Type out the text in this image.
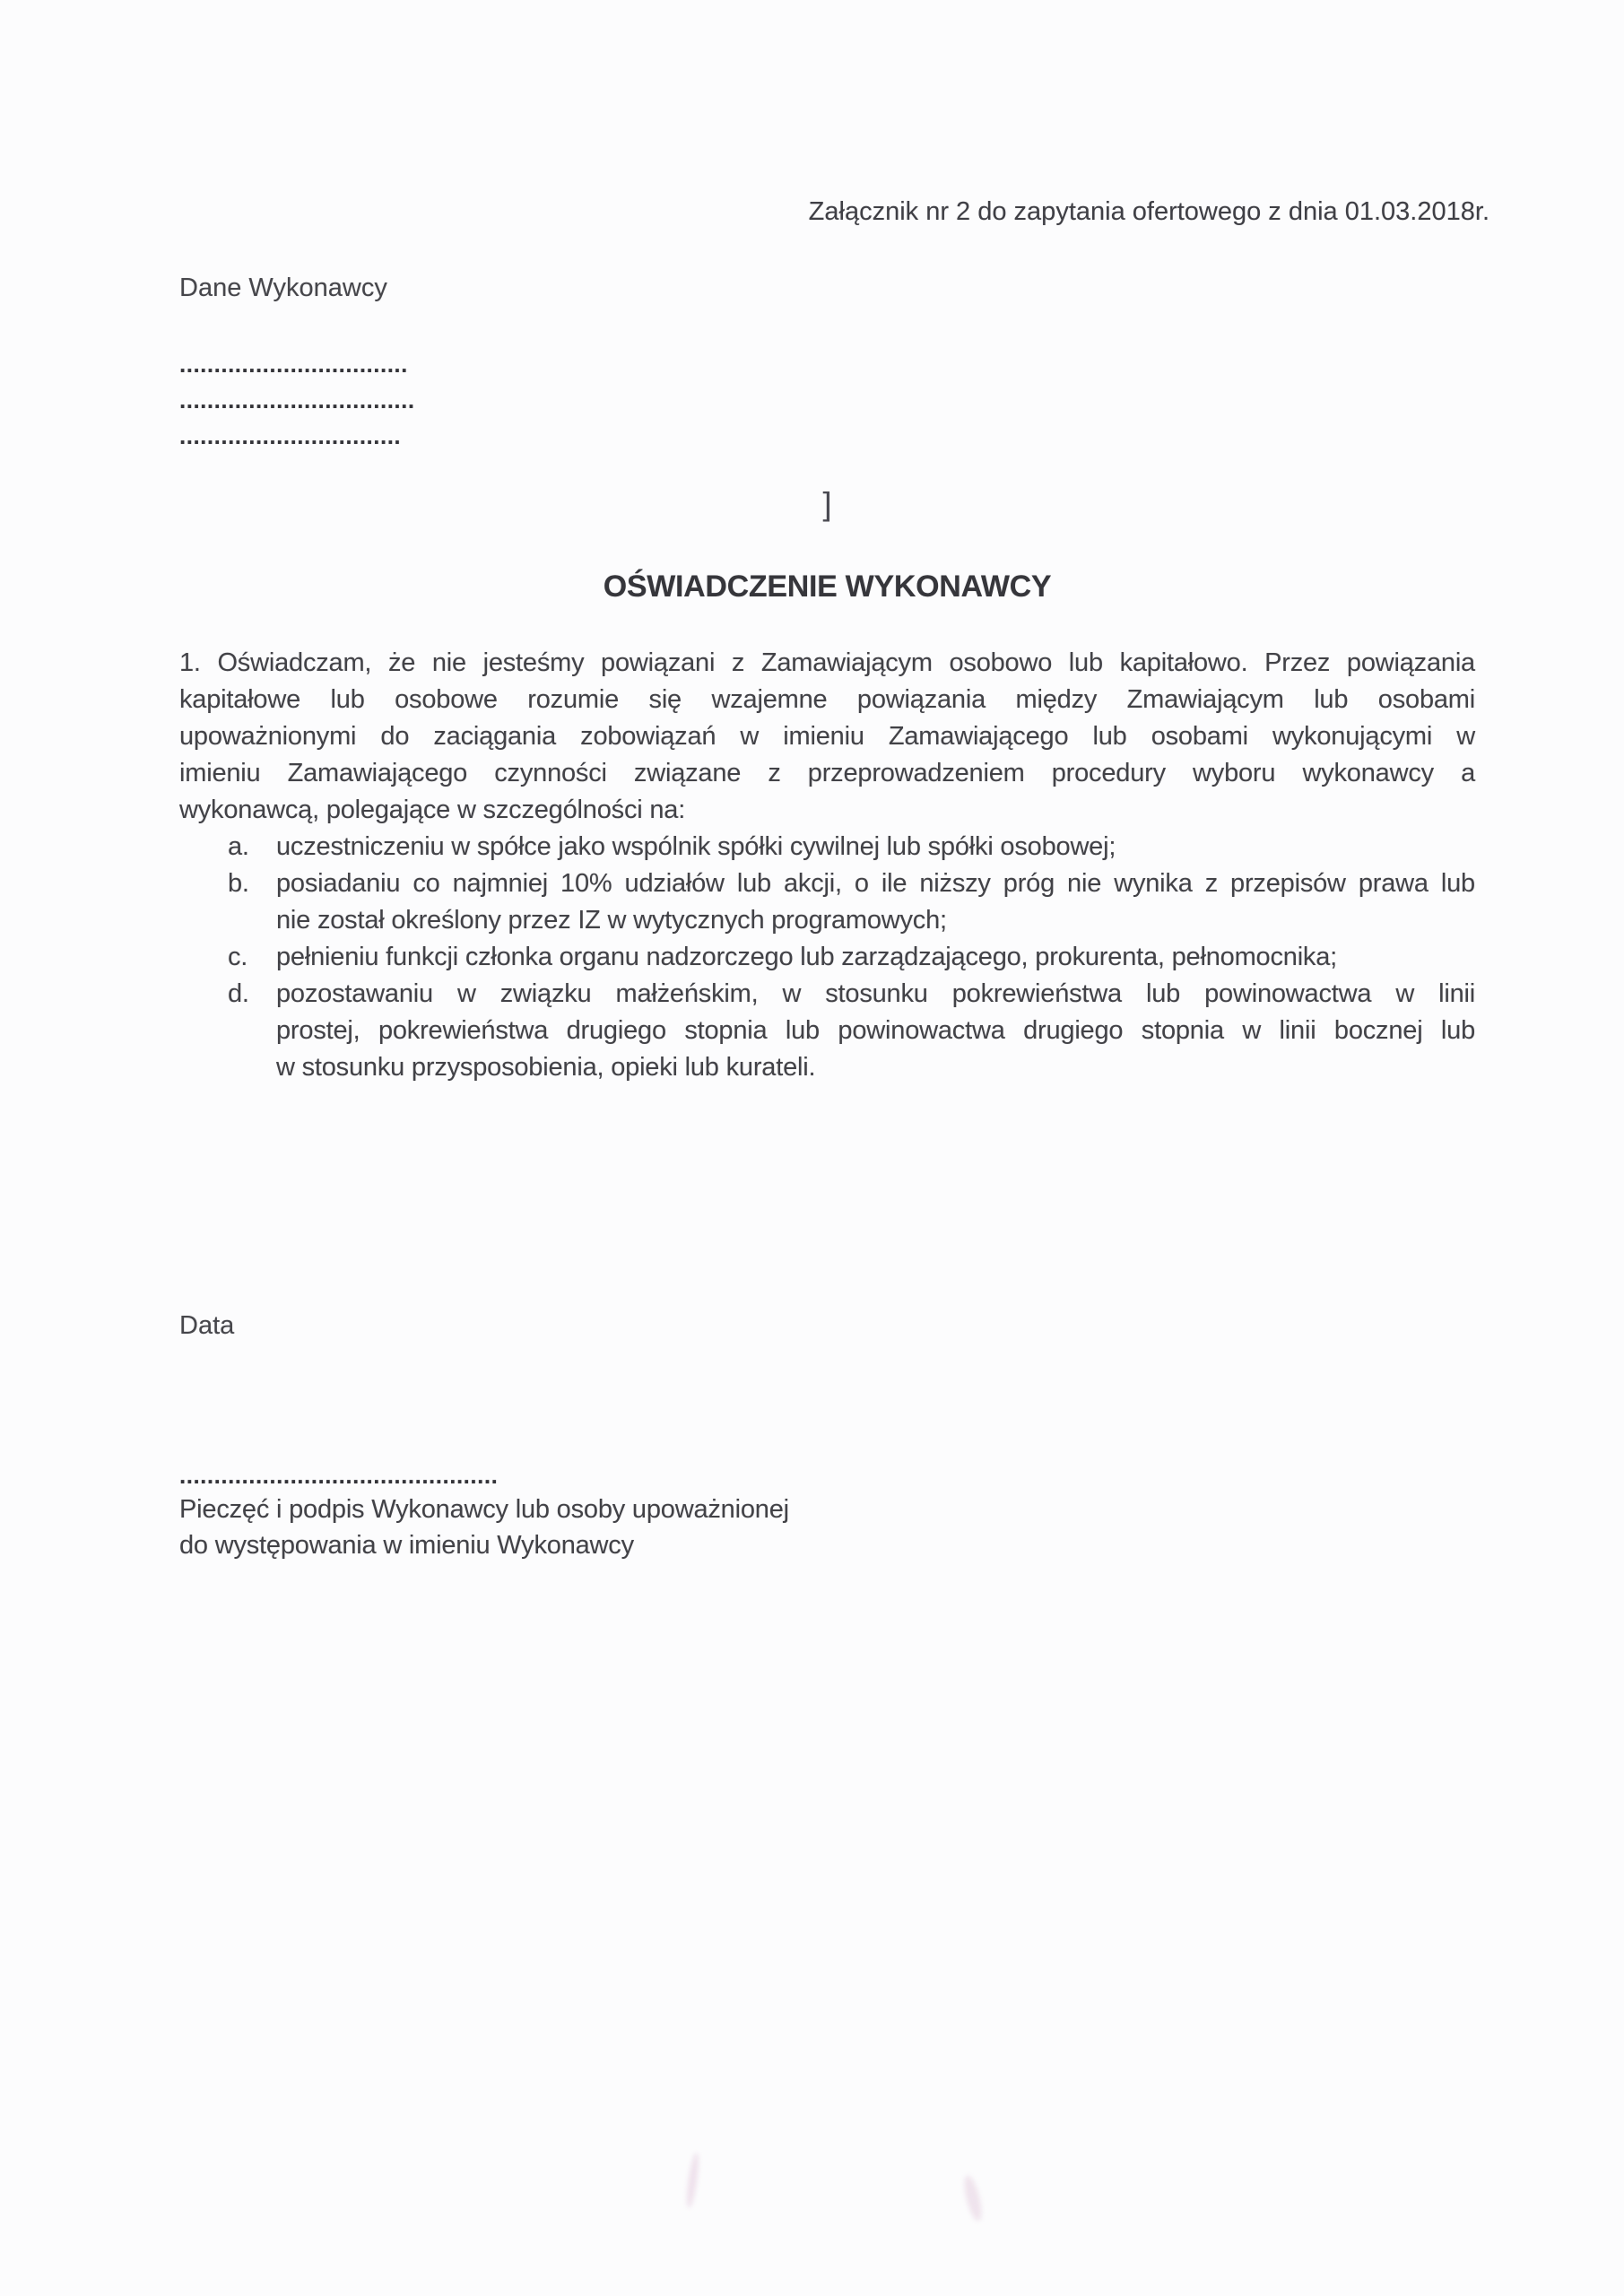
Załącznik nr 2 do zapytania ofertowego z dnia 01.03.2018r.
Dane Wykonawcy
.................................
..................................
................................
]
OŚWIADCZENIE WYKONAWCY
1. Oświadczam, że nie jesteśmy powiązani z Zamawiającym osobowo lub kapitałowo. Przez powiązania
kapitałowe lub osobowe rozumie się wzajemne powiązania między Zmawiającym lub osobami
upoważnionymi do zaciągania zobowiązań w imieniu Zamawiającego lub osobami wykonującymi w
imieniu Zamawiającego czynności związane z przeprowadzeniem procedury wyboru wykonawcy a
wykonawcą, polegające w szczególności na:
a. uczestniczeniu w spółce jako wspólnik spółki cywilnej lub spółki osobowej;
b. posiadaniu co najmniej 10% udziałów lub akcji, o ile niższy próg nie wynika z przepisów prawa lub
nie został określony przez IZ w wytycznych programowych;
c. pełnieniu funkcji członka organu nadzorczego lub zarządzającego, prokurenta, pełnomocnika;
d. pozostawaniu w związku małżeńskim, w stosunku pokrewieństwa lub powinowactwa w linii
prostej, pokrewieństwa drugiego stopnia lub powinowactwa drugiego stopnia w linii bocznej lub
w stosunku przysposobienia, opieki lub kurateli.
Data
..............................................
Pieczęć i podpis Wykonawcy lub osoby upoważnionej
do występowania w imieniu Wykonawcy
